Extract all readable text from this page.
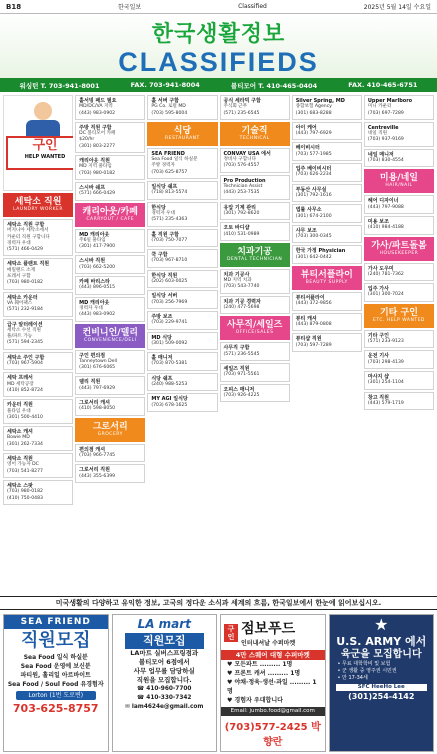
B18	한국일보	Classified	2025년 5월 14일 수요일
한국생활정보
CLASSIFIEDS
워싱턴 T. 703-941-8001	FAX. 703-941-8004	볼티모어 T. 410-465-0404	FAX. 410-465-6751
구인
HELP WANTED
세탁소 직원
LAUNDRY WORKER
세탁소 직원 구함
버지니아 세탁소에서
카운터 직원 구합니다
경력자 우대
(571) 466-0429
세탁소 플랜트 직원
메릴랜드 소재
프레서 구함
(703) 980-0182
세탁소 카운터
VA 훼어팩스
(571) 232-9184
급구 알터레이션
세탁소 수선 직원
풀/파트 가능
(571) 594-2345
세탁소 주인 구함
(703) 967-5904
세탁 프레서
MD 세탁공장
(410) 852-8724
카운터 직원
풀타임 우대
(301) 500-4410
세탁소 캐셔
Bowie MD
(301) 262-7334
세탁소 직원
영어 가능자 DC
(703) 541-8277
세탁소 스팟
(703) 980-0182
(410) 750-0483
홀서빙 패드 필요
MD/DC/VA 지역
(443) 983-0902
주방 직원 구함
DC 볼티모어 카페
$20/hr
(301) 803-2277
캐리아웃 직원
MD 지역 풀타임
(703) 980-0182
스시바 쉐프
(571) 666-0429
캐리아웃/카페
CARRYOUT / CAFE
MD 캐리아웃
주6일 풀타임
(301) 417-7900
스시바 직원
(703) 662-5200
카페 바리스타
(443) 896-0515
MD 캐리아웃
경력자 우대
(443) 983-0902
컨비니언/델리
CONVENIENCE/DELI
구인 편의점
Tanneytown Dell
(301) 676-6065
델리 직원
(443) 797-6929
그로서리 캐셔
(410) 598-8050
그로서리
GROCERY
편의점 캐셔
(703) 966-7745
그로서리 직원
(443) 355-6399
홀 서버 구함
PG Co. 로럴 MD
(703) 595-8004
식당
RESTAURANT
SEA FRIEND
Sea Food 일식 하실분
주방 경력자
(703) 625-8757
일식당 쉐프
(718) 813-5574
한식당
경력자 우대
(571) 235-4363
홀 직원 구함
(703) 750-7077
쿡 구함
(703) 967-8710
한식당 직원
(202) 603-0025
일식당 서버
(703) 256-7969
주방 보조
(703) 229-9741
MD 식당
(301) 509-0092
홀 매니저
(703) 870-5381
식당 쉐프
(240) 988-5253
MY AGI 일식당
(703) 678-1625
공식 세라믹 구함
주식회 근무
(571) 235-6545
기술직
TECHNICAL
CONVAY USA 에서
정비사 구합니다
(703) 576-4557
Pro Production
Technician Assist
(443) 253-7535
유압 기계 관리
(301) 792-8620
오토 바디샵
(410) 531-0989
치과기공
DENTAL TECHNICIAN
치과 기공사
MD 지역 치과
(703) 543-7740
치과 기공 경력자
(240) 477-5698
사무직/세일즈
OFFICE/SALES
사무직 구함
(571) 236-5545
세일즈 직원
(703) 971-5561
오피스 매니저
(703) 926-4225
Silver Spring, MD
종합보험 Agency
(301) 683-8288
아이 케어
(443) 797-6929
베이비시터
(703) 577-1985
입주 베이비시터
(703) 626-2234
부동산 사무실
(301) 792-1616
법률 사무소
(301) 674-2100
사무 보조
(703) 300-0345
한국 가정 Physician
(301) 642-0442
뷰티서플라이
BEAUTY SUPPLY
뷰티서플라이
(443) 372-9856
뷰티 캐셔
(443) 879-0808
뷰티샵 직원
(703) 597-7289
Upper Marlboro
미니 카운터
(703) 697-7289
Centreville
네일 직원
(703) 937-9169
네일 매니저
(703) 830-4554
미용/네일
HAIR/NAIL
헤어 디자이너
(443) 797-9088
미용 보조
(410) 984-4188
가사/파트돌봄
HOUSEKEEPER
가사 도우미
(240) 781-7362
입주 가사
(301) 300-7024
기타 구인
ETC. HELP WANTED
기타 구인
(571) 233-9123
운전 기사
(703) 298-4139
마사지 샵
(301) 254-1104
창고 직원
(443) 579-1719
미국생활의 다양하고 유익한 정보, 고국의 정다운 소식과 세계의 흐름, 한국일보에서 한눈에 읽어보십시오.
SEA FRIEND
직원모집
Sea Food 일식 하실분
Sea Food 운영에 보신분
파티원, 홀리일 아르바이트
Sea Food / Soul Food 유경험자
Lorton (1번 도로변)
703-625-8757
LA mart
직원모집
LA마트 실버스프링점과
볼티모어 6점에서
사무 업무를 담당하실
직원을 모집합니다.
☎ 410-960-7700
☎ 410-330-7342
✉ lam4624e@gmail.com
구인 점보푸드
인터내셔날 수퍼마켓
4만 스퀘어 대형 수퍼마켓
♥ 모든파트 ......... 1명
♥ 프론트 캐셔 ......... 1명
♥ 야채·정육·생선·과일 ......... 1명
♥ 경험자 우대합니다
Email: jumbo.food@gmail.com
(703)577-2425 박향란
★
U.S. ARMY 에서
육군을 모집합니다
• 무료 대학학비 및 보험
• 군 생활 중 영주권 시민권
• 만 17-34세
SFC HeeHo Lee
(301)254-4142
